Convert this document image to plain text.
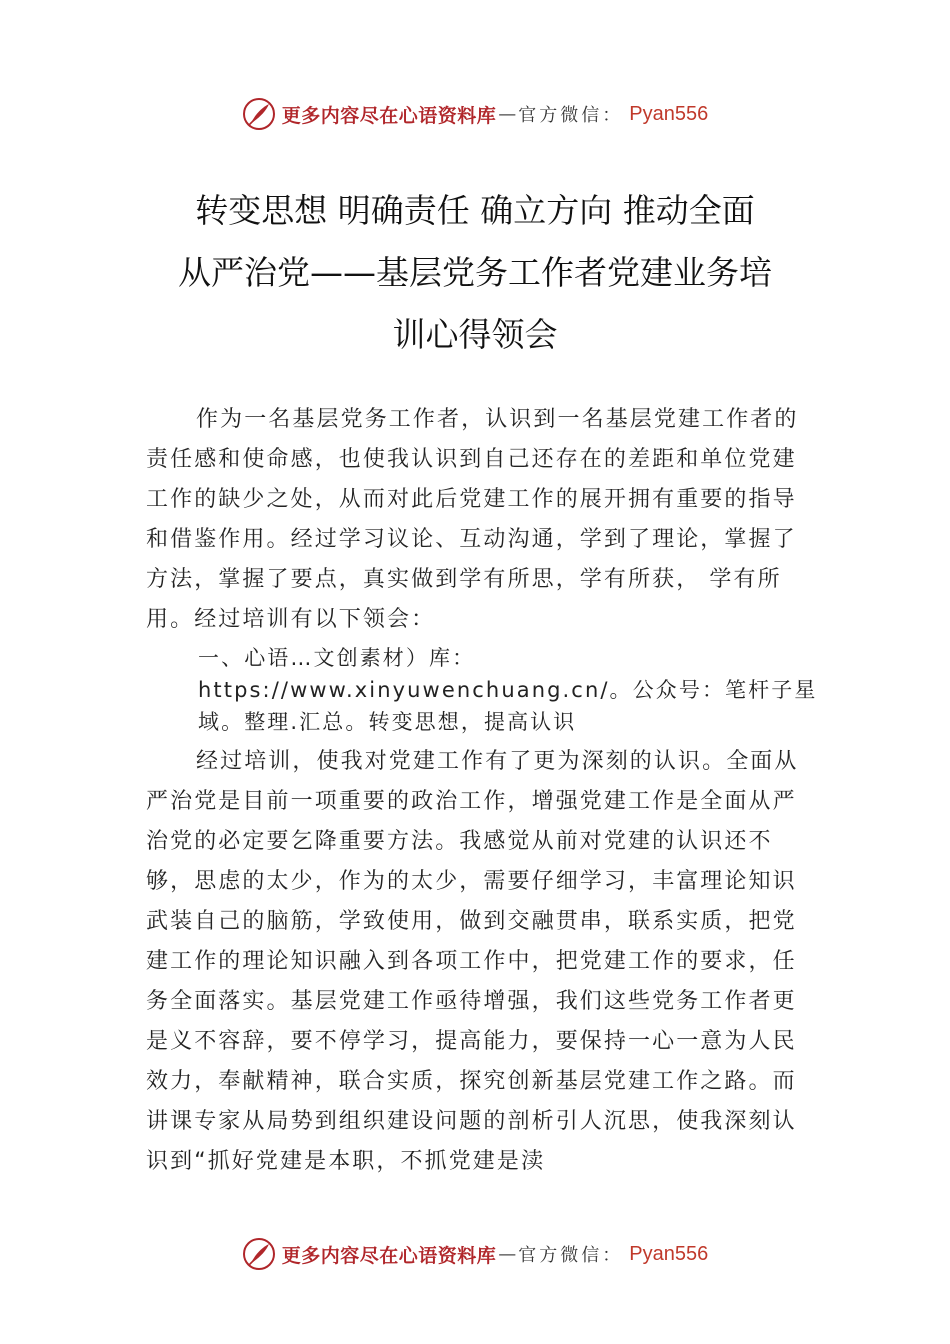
更多内容尽在心语资料库 — 官方微信： Pyan556
转变思想 明确责任 确立方向 推动全面
从严治党——基层党务工作者党建业务培
训心得领会

作为一名基层党务工作者，认识到一名基层党建工作者的责任感和使命感，也使我认识到自己还存在的差距和单位党建工作的缺少之处，从而对此后党建工作的展开拥有重要的指导和借鉴作用。经过学习议论、互动沟通，学到了理论，掌握了方法，掌握了要点，真实做到学有所思，学有所获， 学有所用。经过培训有以下领会：

一、心语…文创素材）库：https://www.xinyuwenchuang.cn/。公众号：笔杆子星域。整理.汇总。转变思想，提高认识

经过培训，使我对党建工作有了更为深刻的认识。全面从严治党是目前一项重要的政治工作，增强党建工作是全面从严治党的必定要乞降重要方法。我感觉从前对党建的认识还不够，思虑的太少，作为的太少，需要仔细学习，丰富理论知识武装自己的脑筋，学致使用，做到交融贯串，联系实质，把党建工作的理论知识融入到各项工作中，把党建工作的要求，任务全面落实。基层党建工作亟待增强，我们这些党务工作者更是义不容辞，要不停学习，提高能力，要保持一心一意为人民效力，奉献精神，联合实质，探究创新基层党建工作之路。而讲课专家从局势到组织建设问题的剖析引人沉思，使我深刻认识到“抓好党建是本职，不抓党建是渎

更多内容尽在心语资料库 — 官方微信： Pyan556
